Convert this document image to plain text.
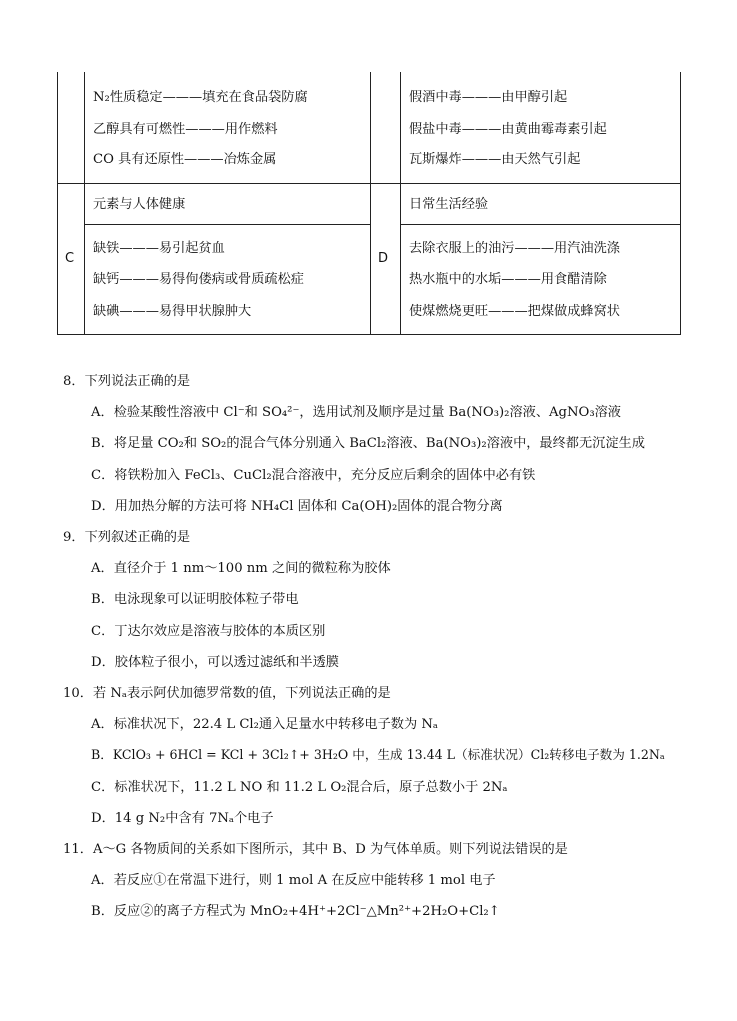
N₂性质稳定———填充在食品袋防腐
乙醇具有可燃性———用作燃料
CO 具有还原性———冶炼金属
假酒中毒———由甲醇引起
假盐中毒———由黄曲霉毒素引起
瓦斯爆炸———由天然气引起
C
元素与人体健康
缺铁———易引起贫血
缺钙———易得佝偻病或骨质疏松症
缺碘———易得甲状腺肿大
D
日常生活经验
去除衣服上的油污———用汽油洗涤
热水瓶中的水垢———用食醋清除
使煤燃烧更旺———把煤做成蜂窝状
8．下列说法正确的是
A．检验某酸性溶液中 Cl⁻和 SO₄²⁻，选用试剂及顺序是过量 Ba(NO₃)₂溶液、AgNO₃溶液
B．将足量 CO₂和 SO₂的混合气体分别通入 BaCl₂溶液、Ba(NO₃)₂溶液中，最终都无沉淀生成
C．将铁粉加入 FeCl₃、CuCl₂混合溶液中，充分反应后剩余的固体中必有铁
D．用加热分解的方法可将 NH₄Cl 固体和 Ca(OH)₂固体的混合物分离
9．下列叙述正确的是
A．直径介于 1 nm～100 nm 之间的微粒称为胶体
B．电泳现象可以证明胶体粒子带电
C．丁达尔效应是溶液与胶体的本质区别
D．胶体粒子很小，可以透过滤纸和半透膜
10．若 Nₐ表示阿伏加德罗常数的值，下列说法正确的是
A．标准状况下，22.4 L Cl₂通入足量水中转移电子数为 Nₐ
B．KClO₃ + 6HCl = KCl + 3Cl₂↑+ 3H₂O 中，生成 13.44 L（标准状况）Cl₂转移电子数为 1.2Nₐ
C．标准状况下，11.2 L NO 和 11.2 L O₂混合后，原子总数小于 2Nₐ
D．14 g N₂中含有 7Nₐ个电子
11．A～G 各物质间的关系如下图所示，其中 B、D 为气体单质。则下列说法错误的是
A．若反应①在常温下进行，则 1 mol A 在反应中能转移 1 mol 电子
B．反应②的离子方程式为 MnO₂+4H⁺+2Cl⁻△Mn²⁺+2H₂O+Cl₂↑
